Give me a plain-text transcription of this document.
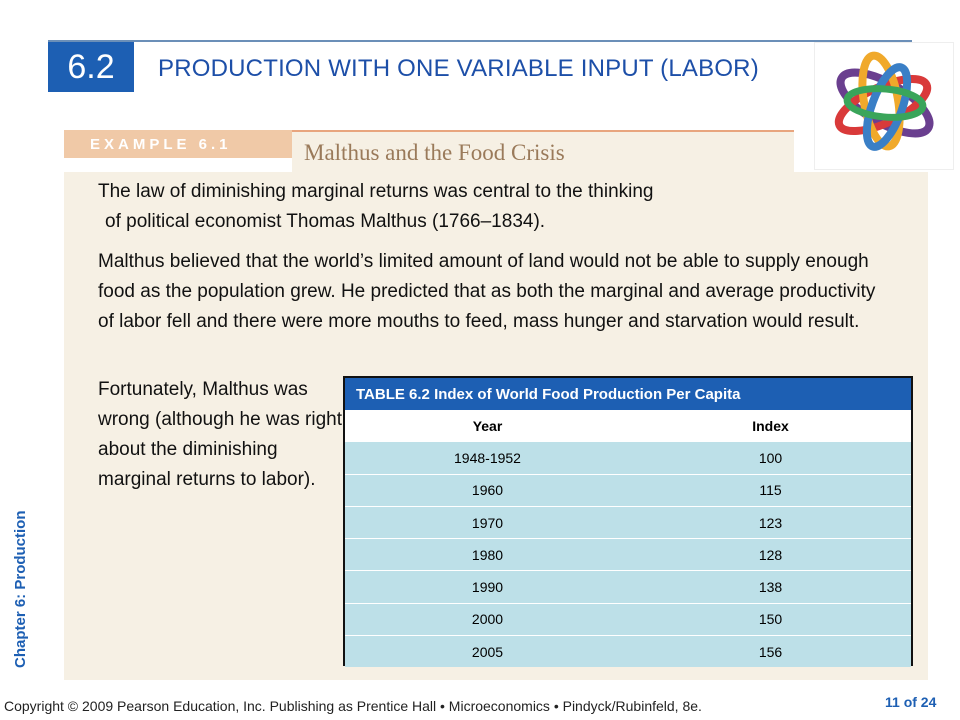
6.2	PRODUCTION WITH ONE VARIABLE INPUT (LABOR)
EXAMPLE 6.1	Malthus and the Food Crisis
The law of diminishing marginal returns was central to the thinking
of political economist Thomas Malthus (1766–1834).
Malthus believed that the world’s limited amount of land would not be able to supply enough food as the population grew. He predicted that as both the marginal and average productivity of labor fell and there were more mouths to feed, mass hunger and starvation would result.
Fortunately, Malthus was wrong (although he was right about the diminishing marginal returns to labor).
TABLE 6.2 Index of World Food Production Per Capita
Year	Index
1948-1952	100
1960	115
1970	123
1980	128
1990	138
2000	150
2005	156
Chapter 6: Production
Copyright © 2009 Pearson Education, Inc. Publishing as Prentice Hall • Microeconomics • Pindyck/Rubinfeld, 8e.	11 of 24
